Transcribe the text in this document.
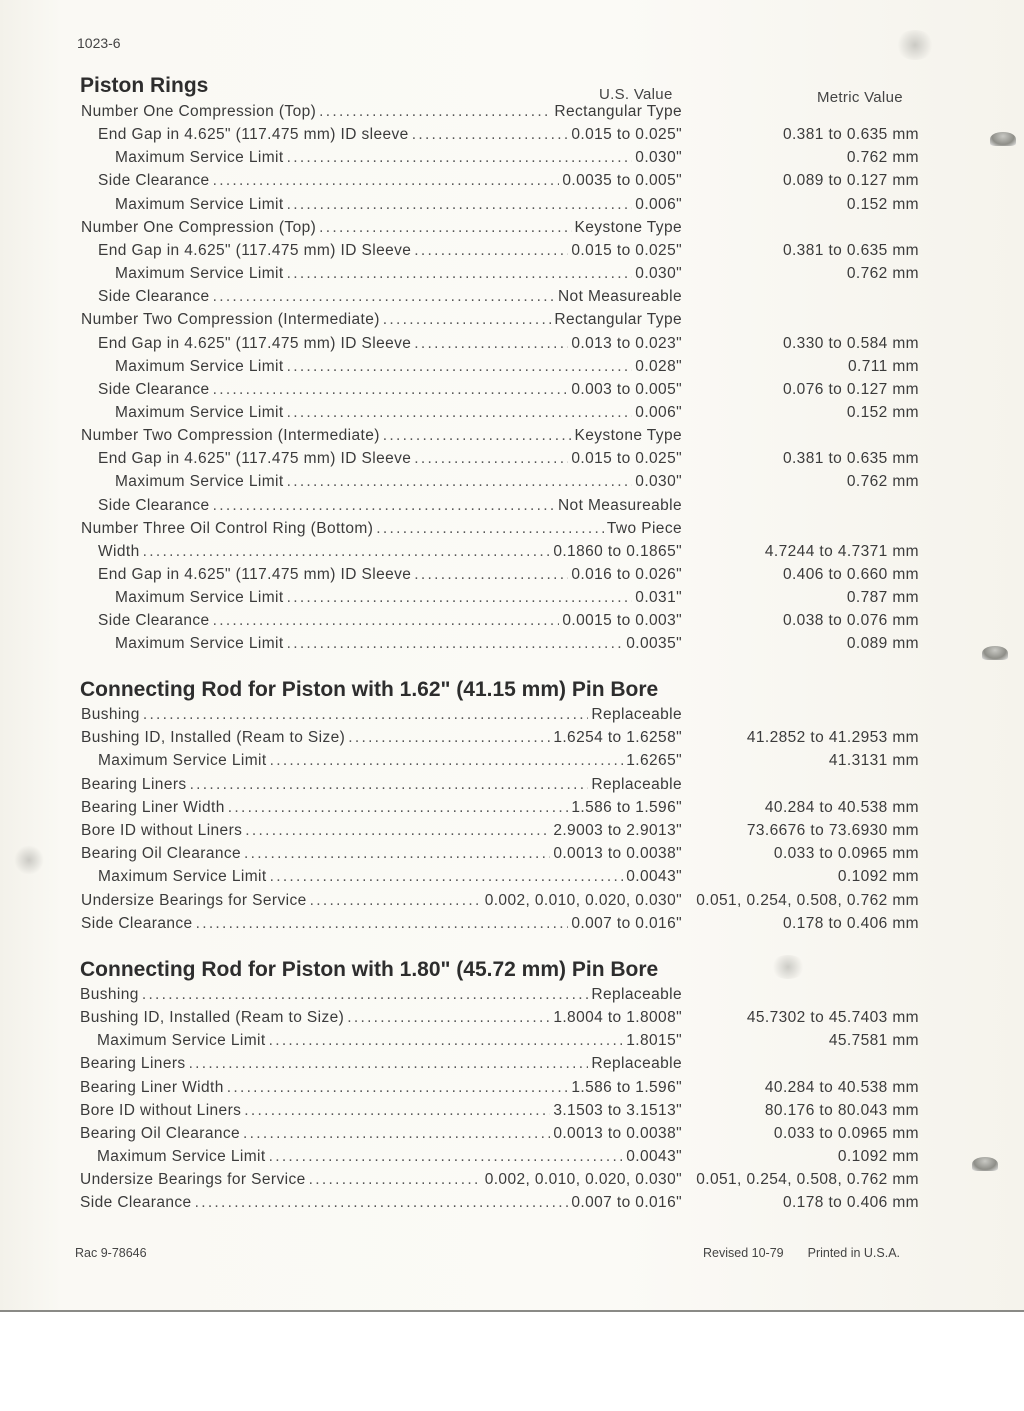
1023-6
Piston Rings	U.S. Value	Metric Value
Number One Compression (Top) . . .	Rectangular Type
End Gap in 4.625" (117.475 mm) ID sleeve . . .	0.015 to 0.025"	0.381 to 0.635 mm
Maximum Service Limit . . .	0.030"	0.762 mm
Side Clearance . . .	0.0035 to 0.005"	0.089 to 0.127 mm
Maximum Service Limit . . .	0.006"	0.152 mm
Number One Compression (Top) . . .	Keystone Type
End Gap in 4.625" (117.475 mm) ID Sleeve . . .	0.015 to 0.025"	0.381 to 0.635 mm
Maximum Service Limit . . .	0.030"	0.762 mm
Side Clearance . . .	Not Measureable
Number Two Compression (Intermediate) . . .	Rectangular Type
End Gap in 4.625" (117.475 mm) ID Sleeve . . .	0.013 to 0.023"	0.330 to 0.584 mm
Maximum Service Limit . . .	0.028"	0.711 mm
Side Clearance . . .	0.003 to 0.005"	0.076 to 0.127 mm
Maximum Service Limit . . .	0.006"	0.152 mm
Number Two Compression (Intermediate) . . .	Keystone Type
End Gap in 4.625" (117.475 mm) ID Sleeve . . .	0.015 to 0.025"	0.381 to 0.635 mm
Maximum Service Limit . . .	0.030"	0.762 mm
Side Clearance . . .	Not Measureable
Number Three Oil Control Ring (Bottom) . . .	Two Piece
Width . . .	0.1860 to 0.1865"	4.7244 to 4.7371 mm
End Gap in 4.625" (117.475 mm) ID Sleeve . . .	0.016 to 0.026"	0.406 to 0.660 mm
Maximum Service Limit . . .	0.031"	0.787 mm
Side Clearance . . .	0.0015 to 0.003"	0.038 to 0.076 mm
Maximum Service Limit . . .	0.0035"	0.089 mm
Connecting Rod for Piston with 1.62" (41.15 mm) Pin Bore
Bushing . . .	Replaceable
Bushing ID, Installed (Ream to Size) . . .	1.6254 to 1.6258"	41.2852 to 41.2953 mm
Maximum Service Limit . . .	1.6265"	41.3131 mm
Bearing Liners . . .	Replaceable
Bearing Liner Width . . .	1.586 to 1.596"	40.284 to 40.538 mm
Bore ID without Liners . . .	2.9003 to 2.9013"	73.6676 to 73.6930 mm
Bearing Oil Clearance . . .	0.0013 to 0.0038"	0.033 to 0.0965 mm
Maximum Service Limit . . .	0.0043"	0.1092 mm
Undersize Bearings for Service . . .	0.002, 0.010, 0.020, 0.030" 0.051, 0.254, 0.508, 0.762 mm
Side Clearance . . .	0.007 to 0.016"	0.178 to 0.406 mm
Connecting Rod for Piston with 1.80" (45.72 mm) Pin Bore
Bushing . . .	Replaceable
Bushing ID, Installed (Ream to Size) . . .	1.8004 to 1.8008"	45.7302 to 45.7403 mm
Maximum Service Limit . . .	1.8015"	45.7581 mm
Bearing Liners . . .	Replaceable
Bearing Liner Width . . .	1.586 to 1.596"	40.284 to 40.538 mm
Bore ID without Liners . . .	3.1503 to 3.1513"	80.176 to 80.043 mm
Bearing Oil Clearance . . .	0.0013 to 0.0038"	0.033 to 0.0965 mm
Maximum Service Limit . . .	0.0043"	0.1092 mm
Undersize Bearings for Service . . .	0.002, 0.010, 0.020, 0.030" 0.051, 0.254, 0.508, 0.762 mm
Side Clearance . . .	0.007 to 0.016"	0.178 to 0.406 mm
Rac 9-78646	Revised 10-79 Printed in U.S.A.
